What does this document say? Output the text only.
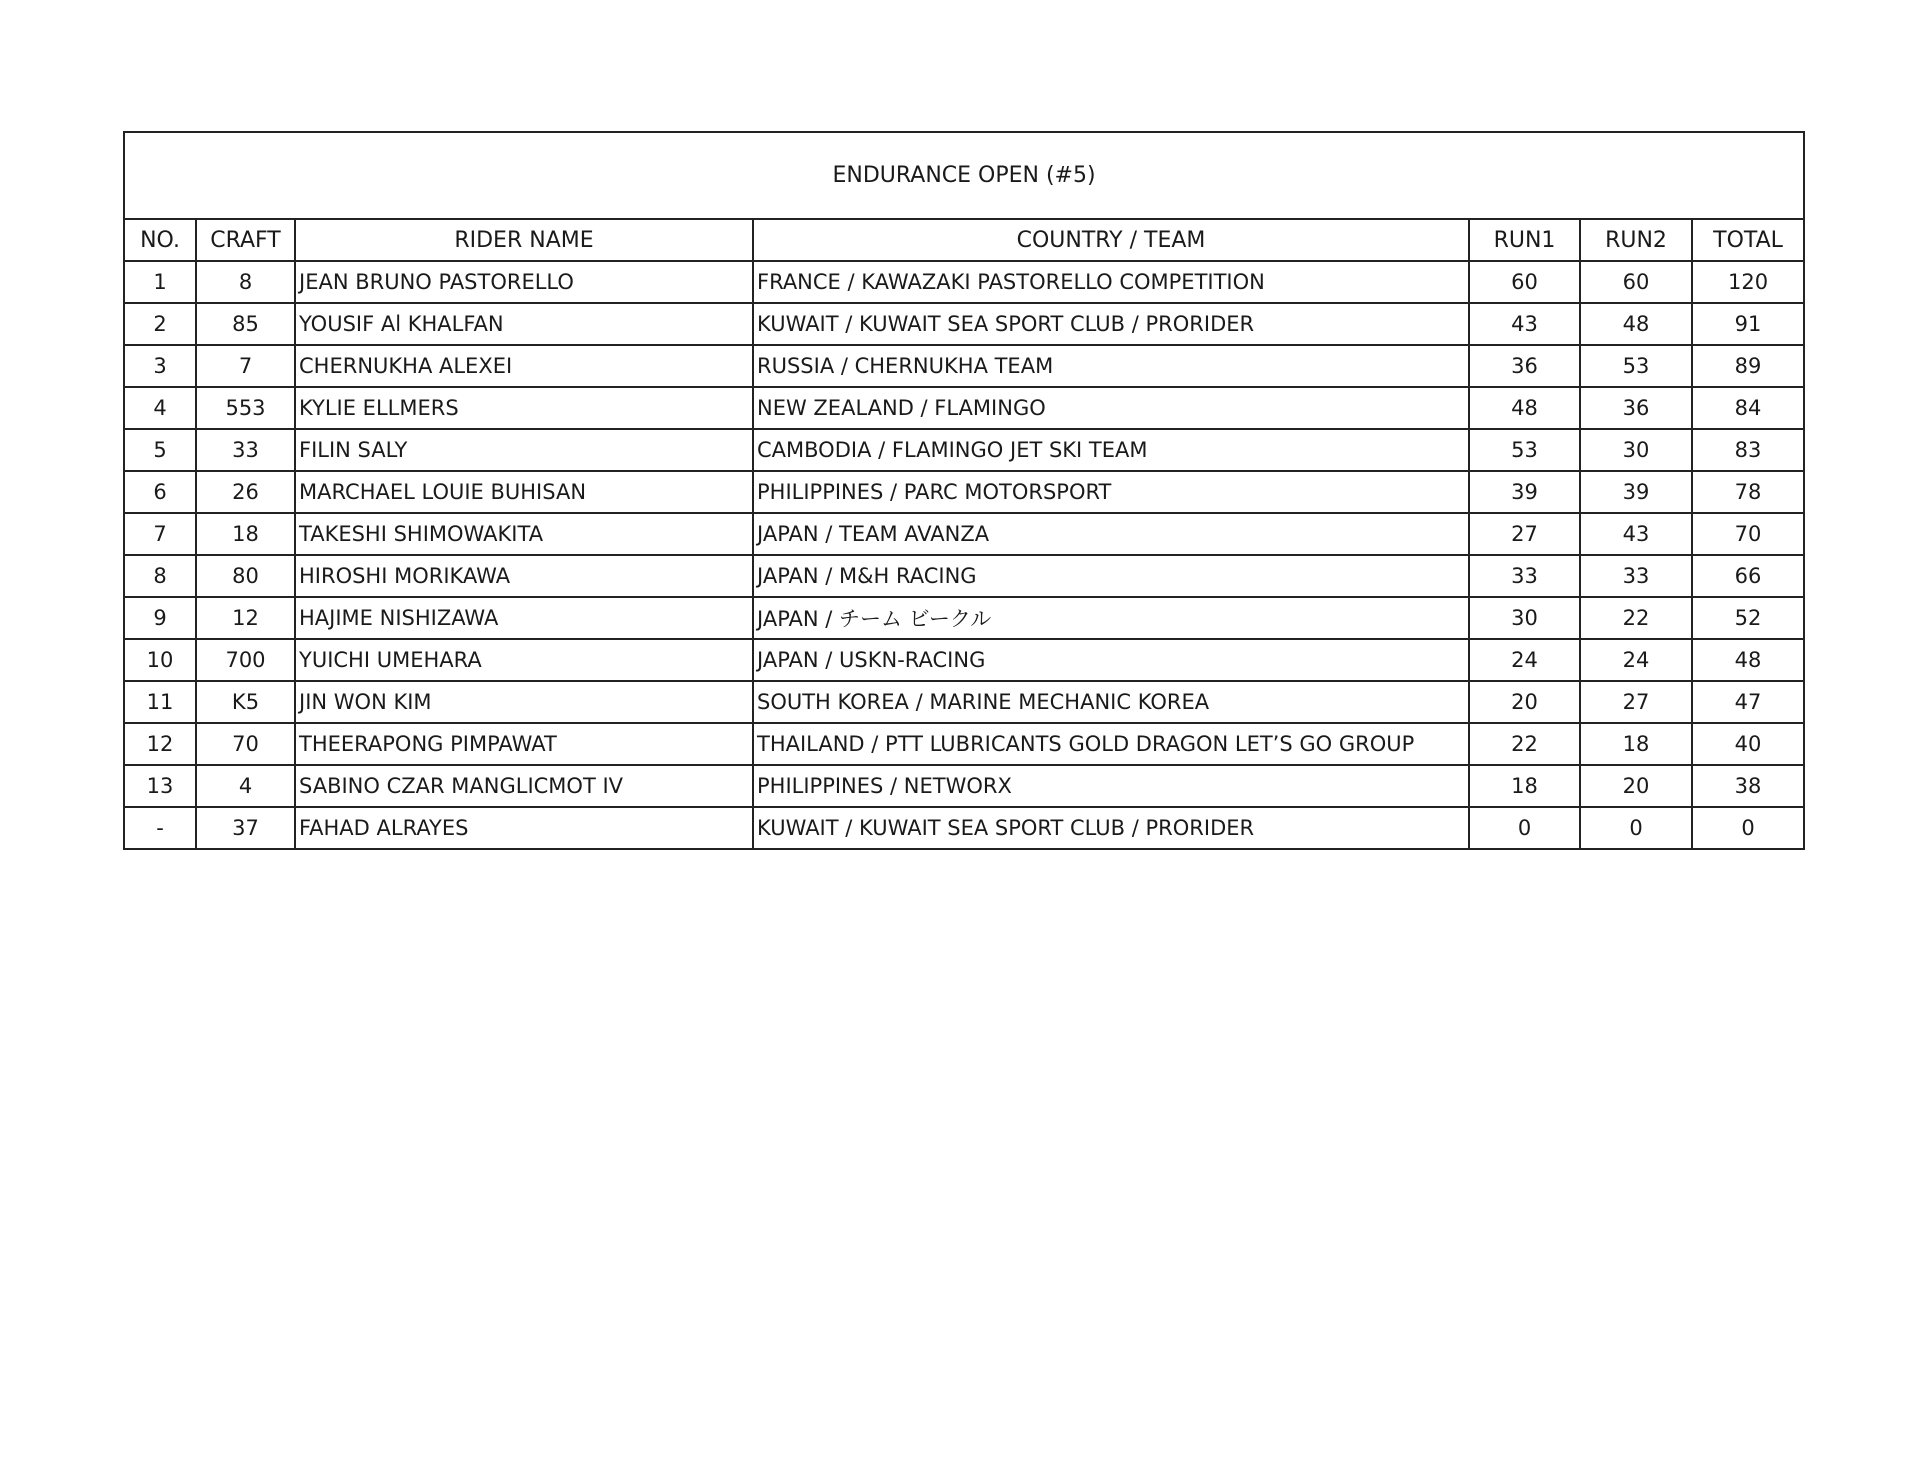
ENDURANCE OPEN (#5)						
NO.	CRAFT	RIDER NAME	COUNTRY / TEAM	RUN1	RUN2	TOTAL
1	8	JEAN BRUNO PASTORELLO	FRANCE / KAWAZAKI PASTORELLO COMPETITION	60	60	120
2	85	YOUSIF Al KHALFAN	KUWAIT / KUWAIT SEA SPORT CLUB / PRORIDER	43	48	91
3	7	CHERNUKHA ALEXEI	RUSSIA / CHERNUKHA TEAM	36	53	89
4	553	KYLIE ELLMERS	NEW ZEALAND / FLAMINGO	48	36	84
5	33	FILIN SALY	CAMBODIA / FLAMINGO JET SKI TEAM	53	30	83
6	26	MARCHAEL LOUIE BUHISAN	PHILIPPINES / PARC MOTORSPORT	39	39	78
7	18	TAKESHI SHIMOWAKITA	JAPAN / TEAM AVANZA	27	43	70
8	80	HIROSHI MORIKAWA	JAPAN / M&H RACING	33	33	66
9	12	HAJIME NISHIZAWA	JAPAN / チーム ビークル	30	22	52
10	700	YUICHI UMEHARA	JAPAN / USKN-RACING	24	24	48
11	K5	JIN WON KIM	SOUTH KOREA / MARINE MECHANIC KOREA	20	27	47
12	70	THEERAPONG PIMPAWAT	THAILAND / PTT LUBRICANTS GOLD DRAGON LET’S GO GROUP	22	18	40
13	4	SABINO CZAR MANGLICMOT IV	PHILIPPINES / NETWORX	18	20	38
-	37	FAHAD ALRAYES	KUWAIT / KUWAIT SEA SPORT CLUB / PRORIDER	0	0	0
